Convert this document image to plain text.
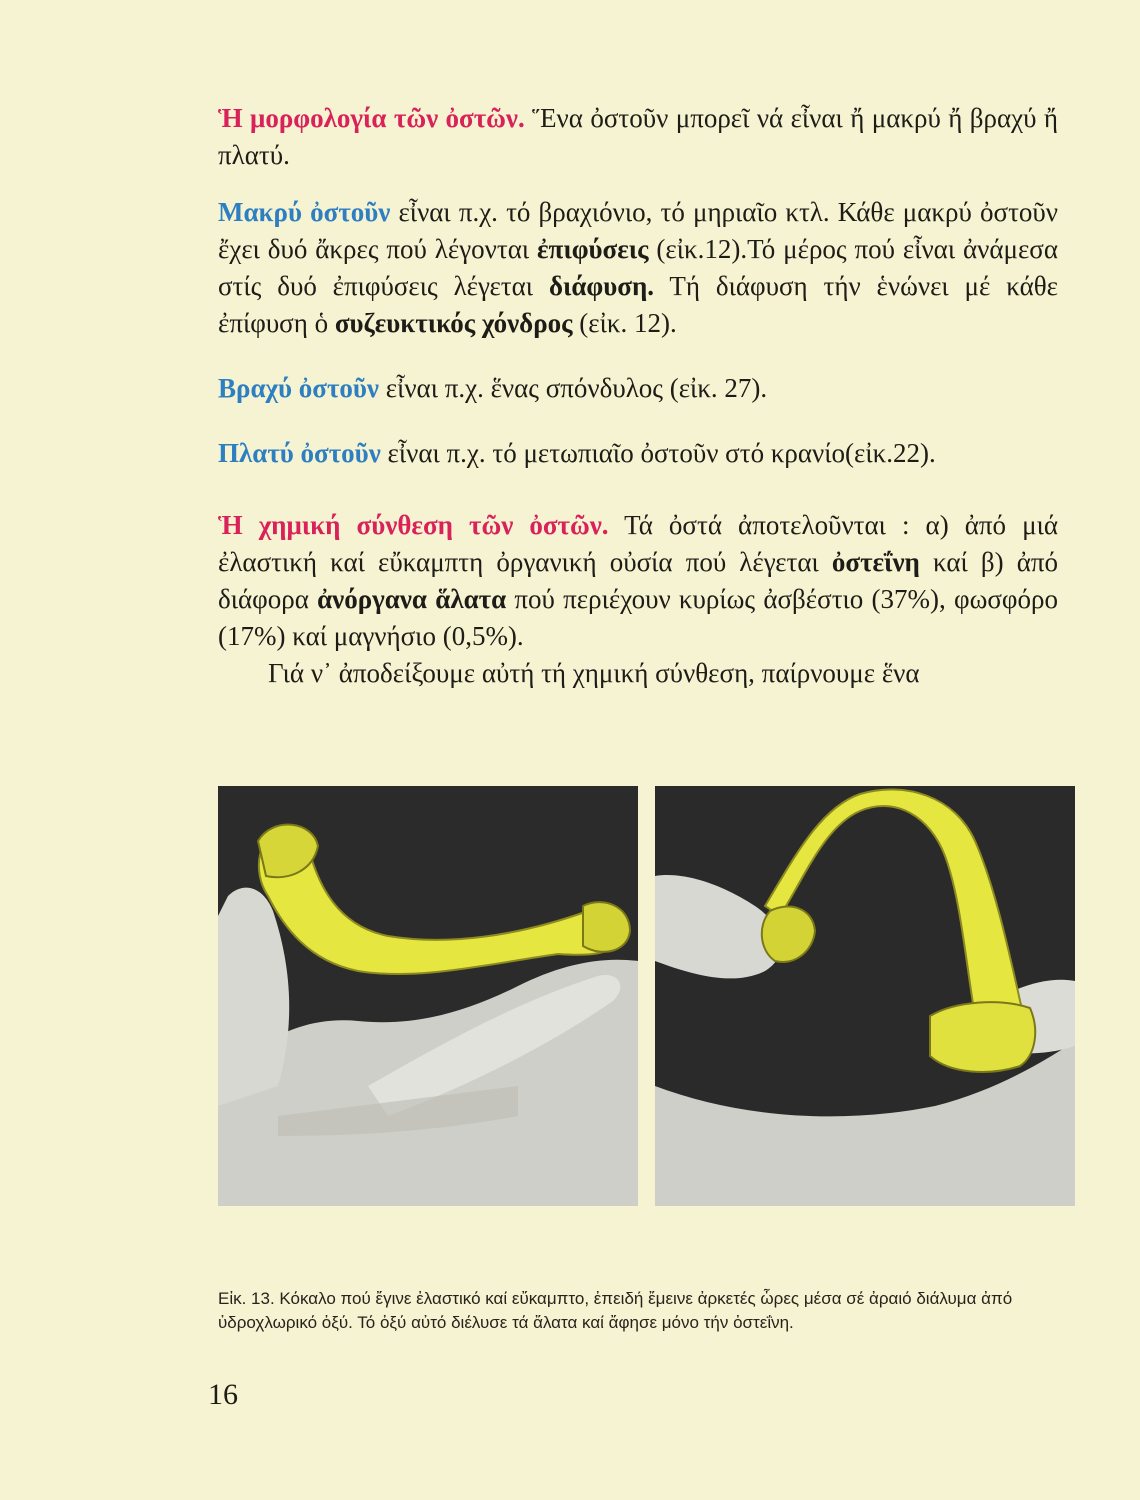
Ἡ μορφολογία τῶν ὀστῶν. Ἕνα ὀστοῦν μπορεῖ νά εἶναι ἤ μακρύ ἤ βραχύ ἤ πλατύ.

Μακρύ ὀστοῦν εἶναι π.χ. τό βραχιόνιο, τό μηριαῖο κτλ. Κάθε μακρύ ὀστοῦν ἔχει δυό ἄκρες πού λέγονται ἐπιφύσεις (εἰκ.12).Τό μέρος πού εἶναι ἀνάμεσα στίς δυό ἐπιφύσεις λέγεται διάφυση. Τή διάφυση τήν ἑνώνει μέ κάθε ἐπίφυση ὁ συζευκτικός χόνδρος (εἰκ. 12).

Βραχύ ὀστοῦν εἶναι π.χ. ἕνας σπόνδυλος (εἰκ. 27).

Πλατύ ὀστοῦν εἶναι π.χ. τό μετωπιαῖο ὀστοῦν στό κρανίο(εἰκ.22).

Ἡ χημική σύνθεση τῶν ὀστῶν. Τά ὀστά ἀποτελοῦνται : α) ἀπό μιά ἐλαστική καί εὔκαμπτη ὀργανική οὐσία πού λέγεται ὀστεΐνη καί β) ἀπό διάφορα ἀνόργανα ἅλατα πού περιέχουν κυρίως ἀσβέστιο (37%), φωσφόρο (17%) καί μαγνήσιο (0,5%).

Γιά ν᾿ ἀποδείξουμε αὐτή τή χημική σύνθεση, παίρνουμε ἕνα

Εἰκ. 13. Κόκαλο πού ἔγινε ἐλαστικό καί εὔκαμπτο, ἐπειδή ἔμεινε ἀρκετές ὧρες μέσα σέ ἀραιό διάλυμα ἀπό ὑδροχλωρικό ὀξύ. Τό ὀξύ αὐτό διέλυσε τά ἅλατα καί ἄφησε μόνο τήν ὀστεΐνη.

16
